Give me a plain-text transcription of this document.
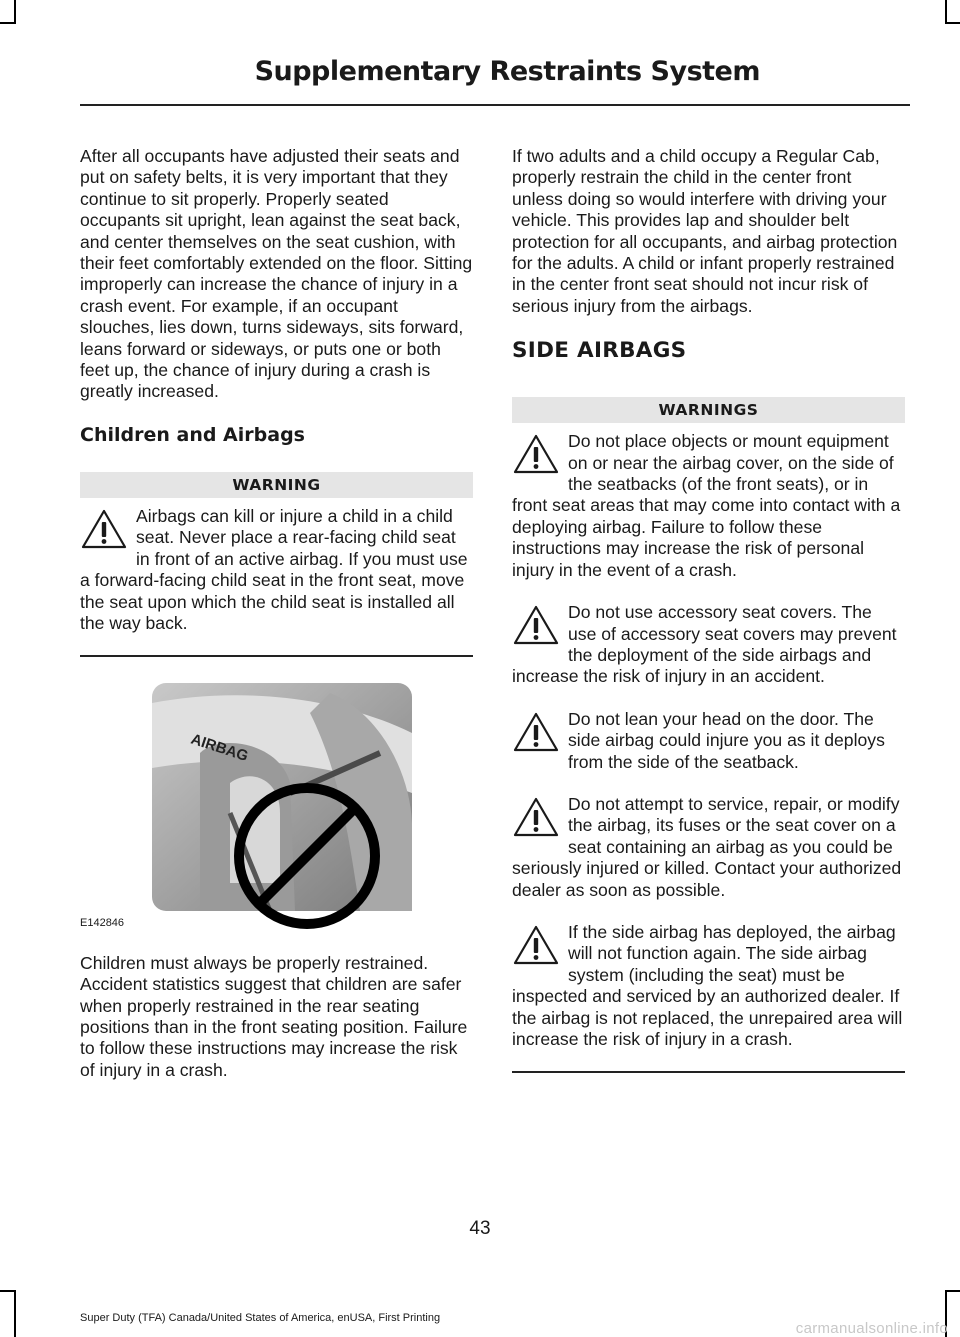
Supplementary Restraints System

After all occupants have adjusted their seats and put on safety belts, it is very important that they continue to sit properly. Properly seated occupants sit upright, lean against the seat back, and center themselves on the seat cushion, with their feet comfortably extended on the floor. Sitting improperly can increase the chance of injury in a crash event. For example, if an occupant slouches, lies down, turns sideways, sits forward, leans forward or sideways, or puts one or both feet up, the chance of injury during a crash is greatly increased.

Children and Airbags
WARNING
Airbags can kill or injure a child in a child seat. Never place a rear-facing child seat in front of an active airbag. If you must use a forward-facing child seat in the front seat, move the seat upon which the child seat is installed all the way back.
AIRBAG
E142846

Children must always be properly restrained. Accident statistics suggest that children are safer when properly restrained in the rear seating positions than in the front seating position. Failure to follow these instructions may increase the risk of injury in a crash.

If two adults and a child occupy a Regular Cab, properly restrain the child in the center front unless doing so would interfere with driving your vehicle. This provides lap and shoulder belt protection for all occupants, and airbag protection for the adults. A child or infant properly restrained in the center front seat should not incur risk of serious injury from the airbags.

SIDE AIRBAGS
WARNINGS
Do not place objects or mount equipment on or near the airbag cover, on the side of the seatbacks (of the front seats), or in front seat areas that may come into contact with a deploying airbag. Failure to follow these instructions may increase the risk of personal injury in the event of a crash.
Do not use accessory seat covers. The use of accessory seat covers may prevent the deployment of the side airbags and increase the risk of injury in an accident.
Do not lean your head on the door. The side airbag could injure you as it deploys from the side of the seatback.
Do not attempt to service, repair, or modify the airbag, its fuses or the seat cover on a seat containing an airbag as you could be seriously injured or killed. Contact your authorized dealer as soon as possible.
If the side airbag has deployed, the airbag will not function again. The side airbag system (including the seat) must be inspected and serviced by an authorized dealer. If the airbag is not replaced, the unrepaired area will increase the risk of injury in a crash.
43
Super Duty (TFA) Canada/United States of America, enUSA, First Printing
carmanualsonline.info
